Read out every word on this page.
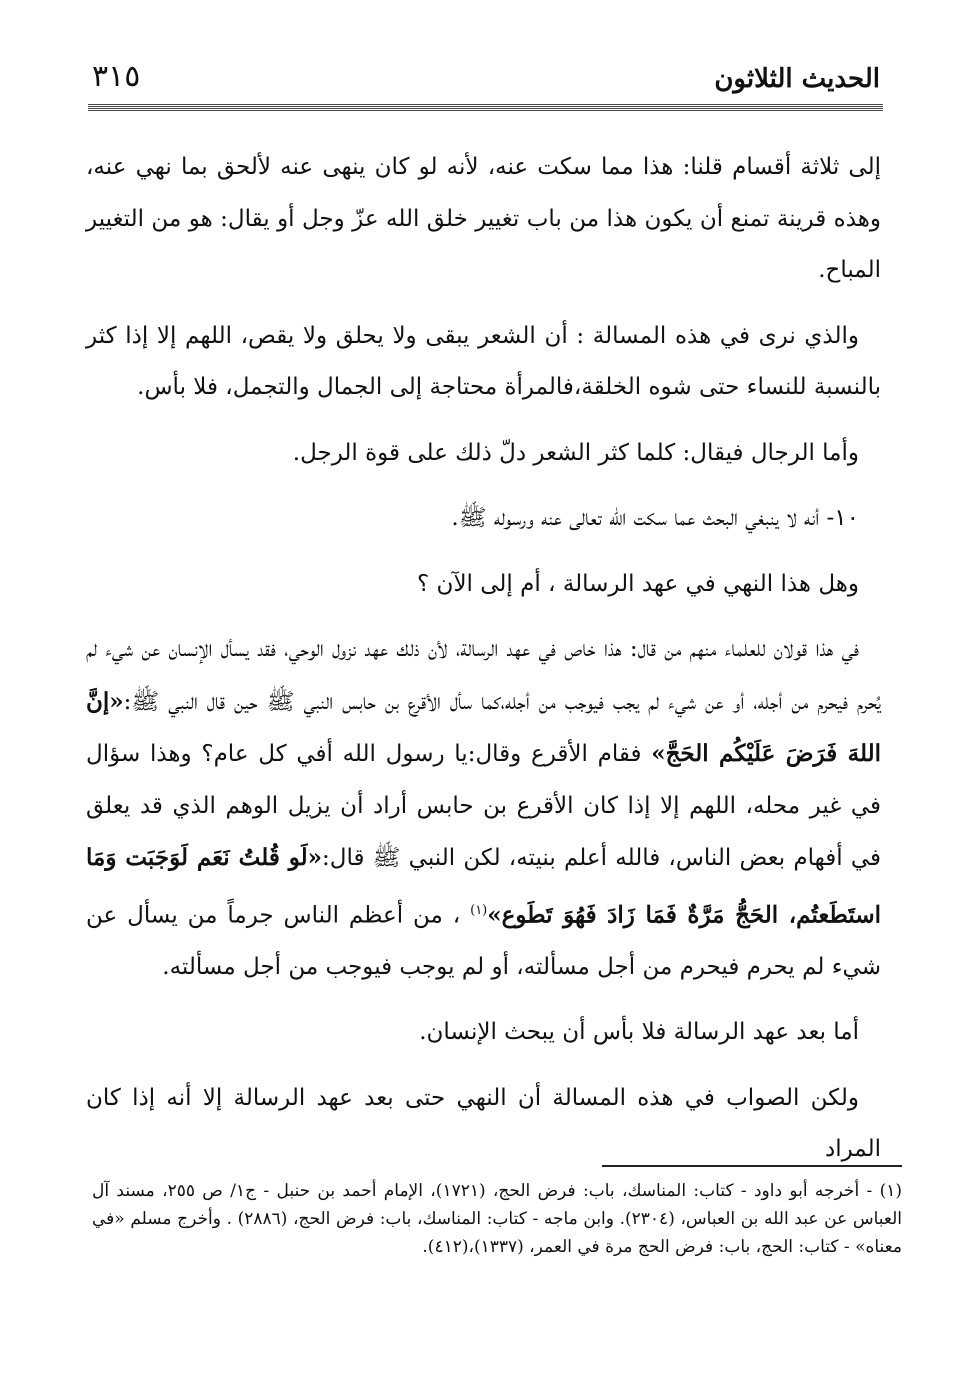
الحديث الثلاثون
٣١٥

إلى ثلاثة أقسام قلنا: هذا مما سكت عنه، لأنه لو كان ينهى عنه لألحق بما نهي عنه، وهذه قرينة تمنع أن يكون هذا من باب تغيير خلق الله عزّ وجل أو يقال: هو من التغيير المباح.

والذي نرى في هذه المسالة : أن الشعر يبقى ولا يحلق ولا يقص، اللهم إلا إذا كثر بالنسبة للنساء حتى شوه الخلقة،فالمرأة محتاجة إلى الجمال والتجمل، فلا بأس.

وأما الرجال فيقال: كلما كثر الشعر دلّ ذلك على قوة الرجل.

١٠- أنه لا ينبغي البحث عما سكت الله تعالى عنه ورسوله ﷺ.

وهل هذا النهي في عهد الرسالة ، أم إلى الآن ؟

في هذا قولان للعلماء منهم من قال: هذا خاص في عهد الرسالة، لأن ذلك عهد نزول الوحي، فقد يسأل الإنسان عن شيء لم يُحرم فيحرم من أجله، أو عن شيء لم يجب فيوجب من أجله،كما سأل الأقرع بن حابس النبي ﷺ حين قال النبي ﷺ:«إنَّ اللهَ فَرَضَ عَلَيْكُم الحَجَّ» فقام الأقرع وقال:يا رسول الله أفي كل عام؟ وهذا سؤال في غير محله، اللهم إلا إذا كان الأقرع بن حابس أراد أن يزيل الوهم الذي قد يعلق في أفهام بعض الناس، فالله أعلم بنيته، لكن النبي ﷺ قال:«لَو قُلتُ نَعَم لَوَجَبَت وَمَا استَطَعتُم، الحَجُّ مَرَّةٌ فَمَا زَادَ فَهُوَ تَطَوع»$^{(١)}$ ، من أعظم الناس جرماً من يسأل عن شيء لم يحرم فيحرم من أجل مسألته، أو لم يوجب فيوجب من أجل مسألته.

أما بعد عهد الرسالة فلا بأس أن يبحث الإنسان.

ولكن الصواب في هذه المسالة أن النهي حتى بعد عهد الرسالة إلا أنه إذا كان المراد

(١) - أخرجه أبو داود - كتاب: المناسك، باب: فرض الحج، (١٧٢١)، الإمام أحمد بن حنبل - ج١/ ص ٢٥٥، مسند آل العباس عن عبد الله بن العباس، (٢٣٠٤). وابن ماجه - كتاب: المناسك، باب: فرض الحج، (٢٨٨٦) . وأخرج مسلم «في معناه» - كتاب: الحج، باب: فرض الحج مرة في العمر، (١٣٣٧)،(٤١٢).
